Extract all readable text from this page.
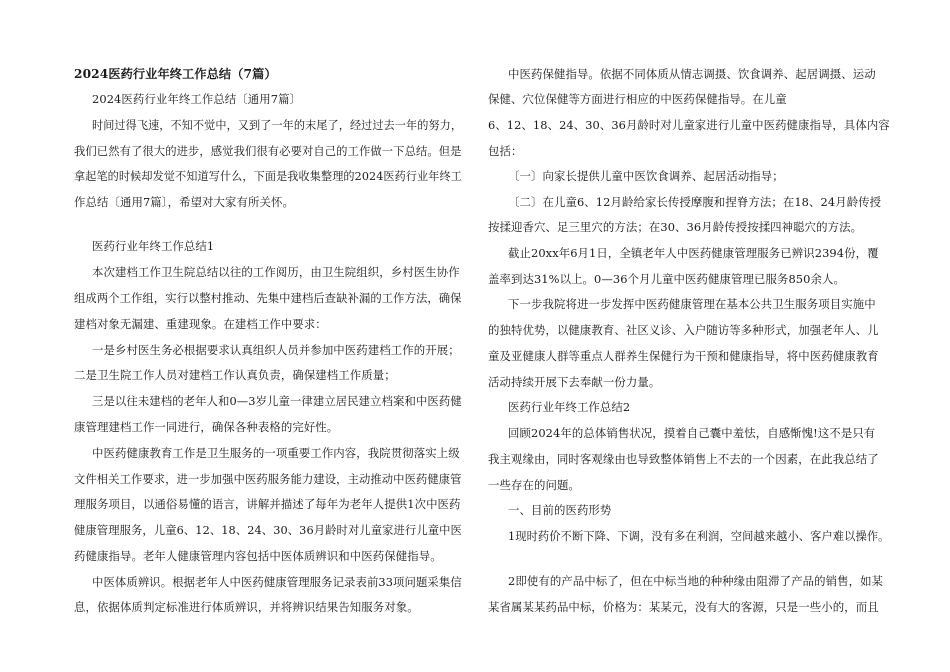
2024医药行业年终工作总结（7篇）
2024医药行业年终工作总结〔通用7篇〕
时间过得飞速，不知不觉中，又到了一年的末尾了，经过过去一年的努力，
我们已然有了很大的进步，感觉我们很有必要对自己的工作做一下总结。但是
拿起笔的时候却发觉不知道写什么，下面是我收集整理的2024医药行业年终工
作总结〔通用7篇〕，希望对大家有所关怀。
医药行业年终工作总结1
本次建档工作卫生院总结以往的工作阅历，由卫生院组织，乡村医生协作
组成两个工作组，实行以整村推动、先集中建档后查缺补漏的工作方法，确保
建档对象无漏建、重建现象。在建档工作中要求：
一是乡村医生务必根据要求认真组织人员并参加中医药建档工作的开展；
二是卫生院工作人员对建档工作认真负责，确保建档工作质量；
三是以往未建档的老年人和0—3岁儿童一律建立居民建立档案和中医药健
康管理建档工作一同进行，确保各种表格的完好性。
中医药健康教育工作是卫生服务的一项重要工作内容，我院贯彻落实上级
文件相关工作要求，进一步加强中医药服务能力建设，主动推动中医药健康管
理服务项目，以通俗易懂的语言，讲解并描述了每年为老年人提供1次中医药
健康管理服务，儿童6、12、18、24、30、36月龄时对儿童家进行儿童中医
药健康指导。老年人健康管理内容包括中医体质辨识和中医药保健指导。
中医体质辨识。根据老年人中医药健康管理服务记录表前33项问题采集信
息，依据体质判定标准进行体质辨识，并将辨识结果告知服务对象。
中医药保健指导。依据不同体质从情志调摄、饮食调养、起居调摄、运动
保健、穴位保健等方面进行相应的中医药保健指导。在儿童
6、12、18、24、30、36月龄时对儿童家进行儿童中医药健康指导，具体内容
包括：
〔一〕向家长提供儿童中医饮食调养、起居活动指导；
〔二〕在儿童6、12月龄给家长传授摩腹和捏脊方法；在18、24月龄传授
按揉迎香穴、足三里穴的方法；在30、36月龄传授按揉四神聪穴的方法。
截止20xx年6月1日，全镇老年人中医药健康管理服务已辨识2394份，覆
盖率到达31%以上。0—36个月儿童中医药健康管理已服务850余人。
下一步我院将进一步发挥中医药健康管理在基本公共卫生服务项目实施中
的独特优势，以健康教育、社区义诊、入户随访等多种形式，加强老年人、儿
童及亚健康人群等重点人群养生保健行为干预和健康指导，将中医药健康教育
活动持续开展下去奉献一份力量。
医药行业年终工作总结2
回顾2024年的总体销售状况，摸着自己囊中羞怯，自感惭愧!这不是只有
我主观缘由，同时客观缘由也导致整体销售上不去的一个因素，在此我总结了
一些存在的问题。
一、目前的医药形势
1现时药价不断下降、下调，没有多在利润，空间越来越小、客户难以操作。
2即使有的产品中标了，但在中标当地的种种缘由阻滞了产品的销售，如某
某省属某某药品中标，价格为：某某元，没有大的客源，只是一些小的，而且
